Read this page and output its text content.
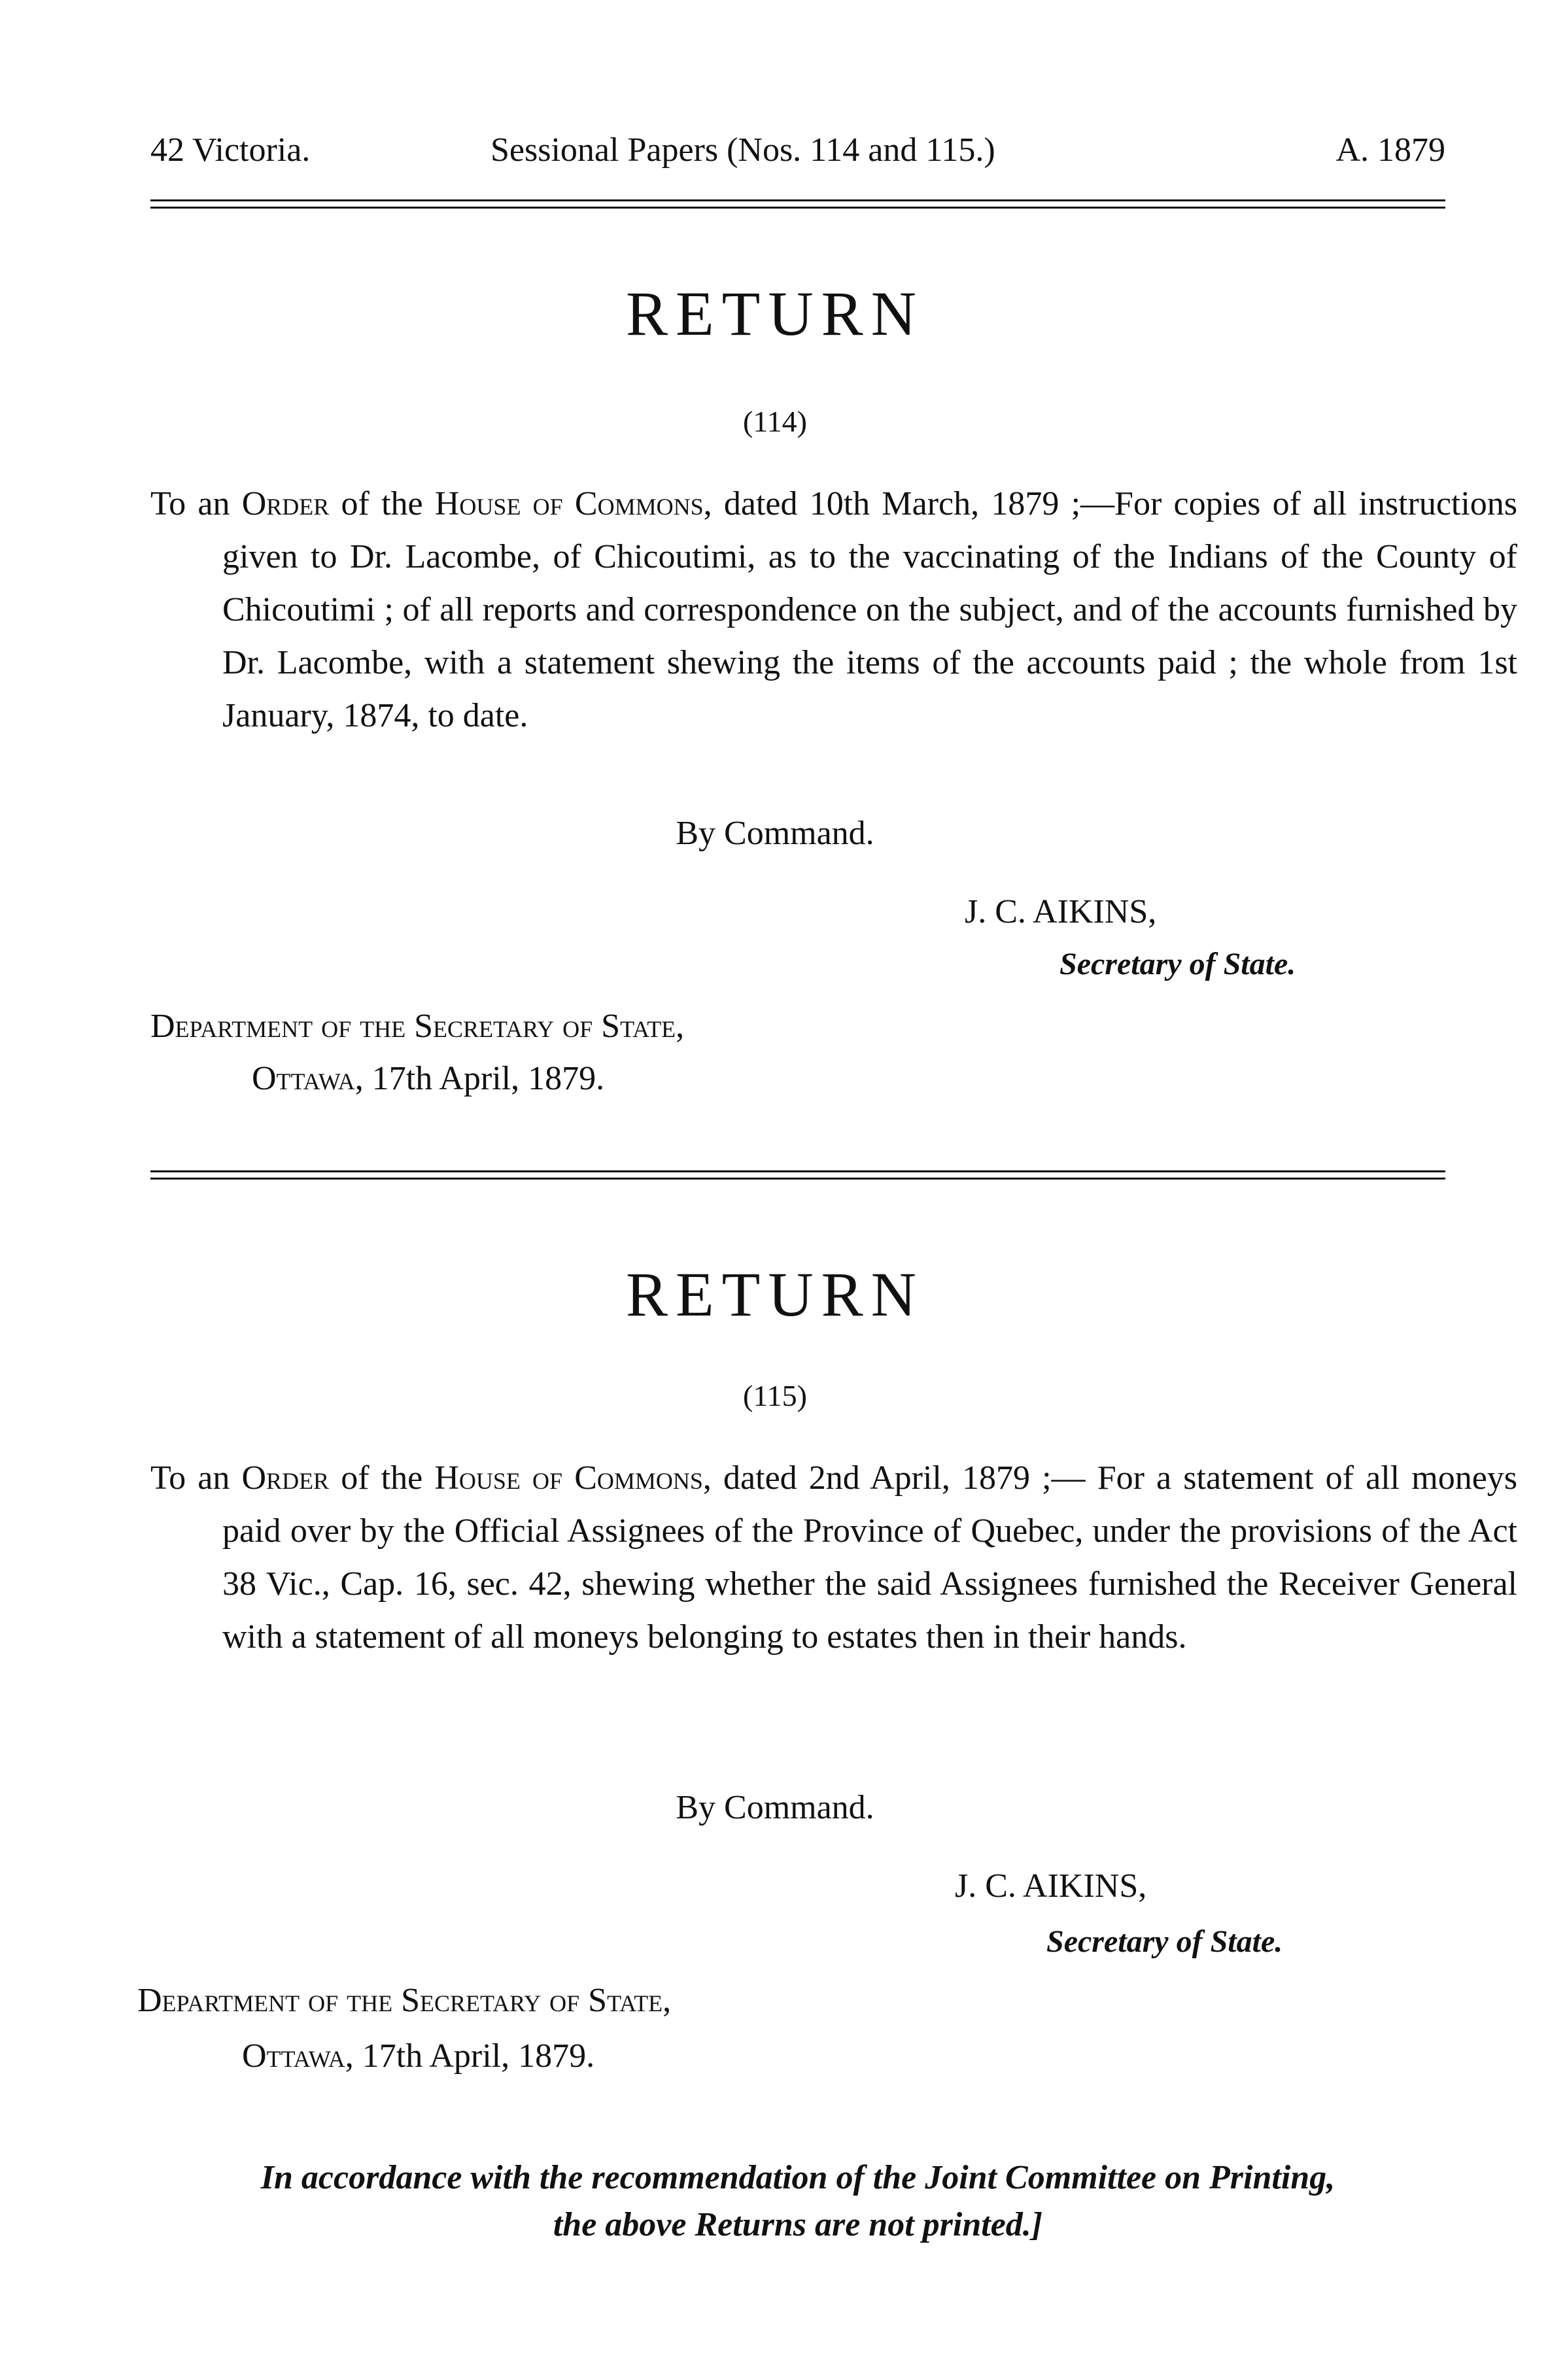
42 Victoria.	Sessional Papers (Nos. 114 and 115.)	A. 1879
RETURN
(114)
To an Order of the House of Commons, dated 10th March, 1879 ;—For copies of all instructions given to Dr. Lacombe, of Chicoutimi, as to the vaccinating of the Indians of the County of Chicoutimi ; of all reports and correspondence on the subject, and of the accounts furnished by Dr. Lacombe, with a statement shewing the items of the accounts paid ; the whole from 1st January, 1874, to date.
By Command.
J. C. AIKINS,
Secretary of State.
Department of the Secretary of State,
Ottawa, 17th April, 1879.
RETURN
(115)
To an Order of the House of Commons, dated 2nd April, 1879 ;— For a statement of all moneys paid over by the Official Assignees of the Province of Quebec, under the provisions of the Act 38 Vic., Cap. 16, sec. 42, shewing whether the said Assignees furnished the Receiver General with a statement of all moneys belonging to estates then in their hands.
By Command.
J. C. AIKINS,
Secretary of State.
Department of the Secretary of State,
Ottawa, 17th April, 1879.
In accordance with the recommendation of the Joint Committee on Printing,
the above Returns are not printed.]
